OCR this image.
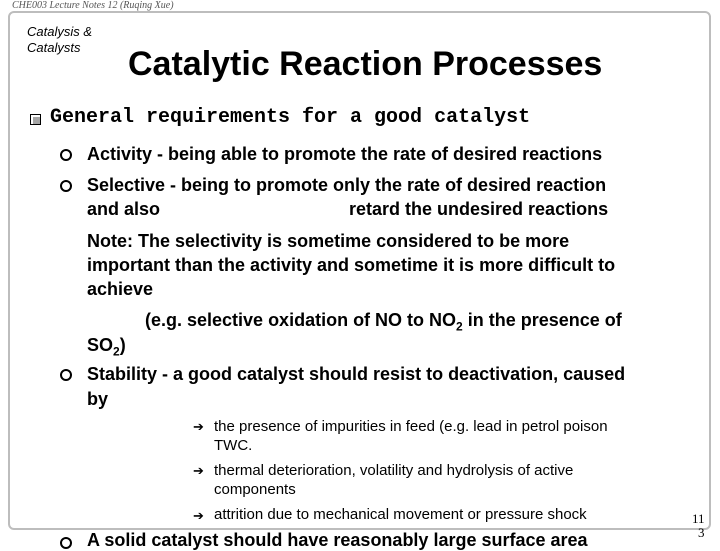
CHE003 Lecture Notes 12 (Ruqing Xue)
Catalysis & Catalysts	Catalytic Reaction Processes
General requirements for a good catalyst
Activity - being able to promote the rate of desired reactions
Selective - being to promote only the rate of desired reaction
and also	retard the undesired reactions
Note: The selectivity is sometime considered to be more
important than the activity and sometime it is more difficult to
achieve
(e.g. selective oxidation of NO to $NO_2$ in the presence of
$SO_2$)
Stability - a good catalyst should resist to deactivation, caused
by
➔ the presence of impurities in feed (e.g. lead in petrol poison
TWC.
➔ thermal deterioration, volatility and hydrolysis of active
components
➔ attrition due to mechanical movement or pressure shock	11
3
A solid catalyst should have reasonably large surface area
